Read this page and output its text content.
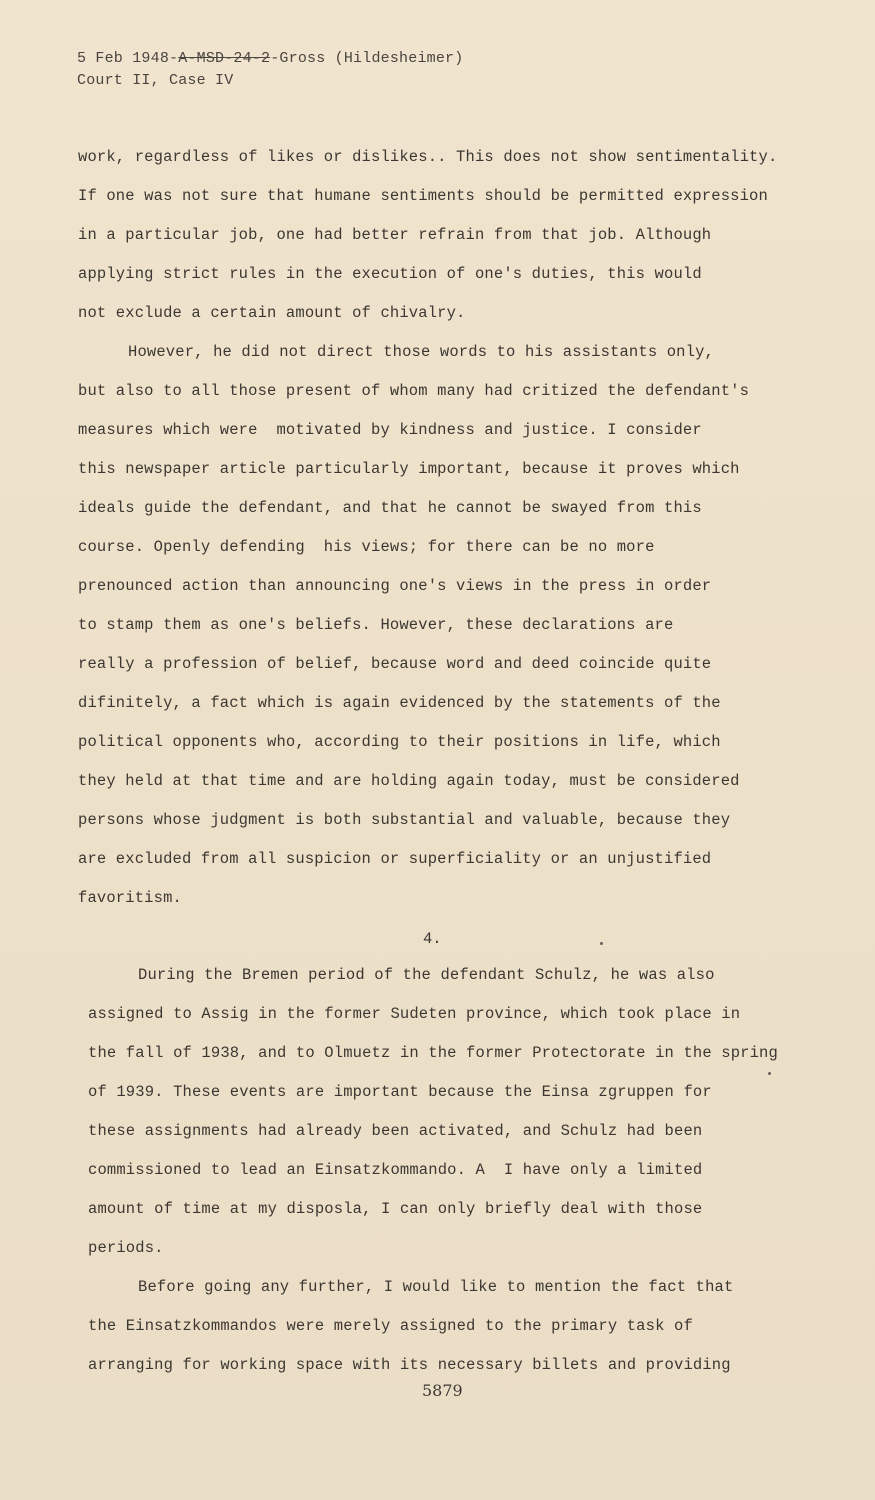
5 Feb 1948-A-MSD-24-2-Gross (Hildesheimer)
Court II, Case IV
work, regardless of likes or dislikes.. This does not show sentimentality.
If one was not sure that humane sentiments should be permitted expression
in a particular job, one had better refrain from that job. Although
applying strict rules in the execution of one's duties, this would
not exclude a certain amount of chivalry.
However, he did not direct those words to his assistants only,
but also to all those present of whom many had critized the defendant's
measures which were  motivated by kindness and justice. I consider
this newspaper article particularly important, because it proves which
ideals guide the defendant, and that he cannot be swayed from this
course. Openly defending  his views; for there can be no more
prenounced action than announcing one's views in the press in order
to stamp them as one's beliefs. However, these declarations are
really a profession of belief, because word and deed coincide quite
difinitely, a fact which is again evidenced by the statements of the
political opponents who, according to their positions in life, which
they held at that time and are holding again today, must be considered
persons whose judgment is both substantial and valuable, because they
are excluded from all suspicion or superficiality or an unjustified
favoritism.
4.
During the Bremen period of the defendant Schulz, he was also
assigned to Assig in the former Sudeten province, which took place in
the fall of 1938, and to Olmuetz in the former Protectorate in the spring
of 1939. These events are important because the Einsa zgruppen for
these assignments had already been activated, and Schulz had been
commissioned to lead an Einsatzkommando. A  I have only a limited
amount of time at my disposla, I can only briefly deal with those
periods.
Before going any further, I would like to mention the fact that
the Einsatzkommandos were merely assigned to the primary task of
arranging for working space with its necessary billets and providing
5879
